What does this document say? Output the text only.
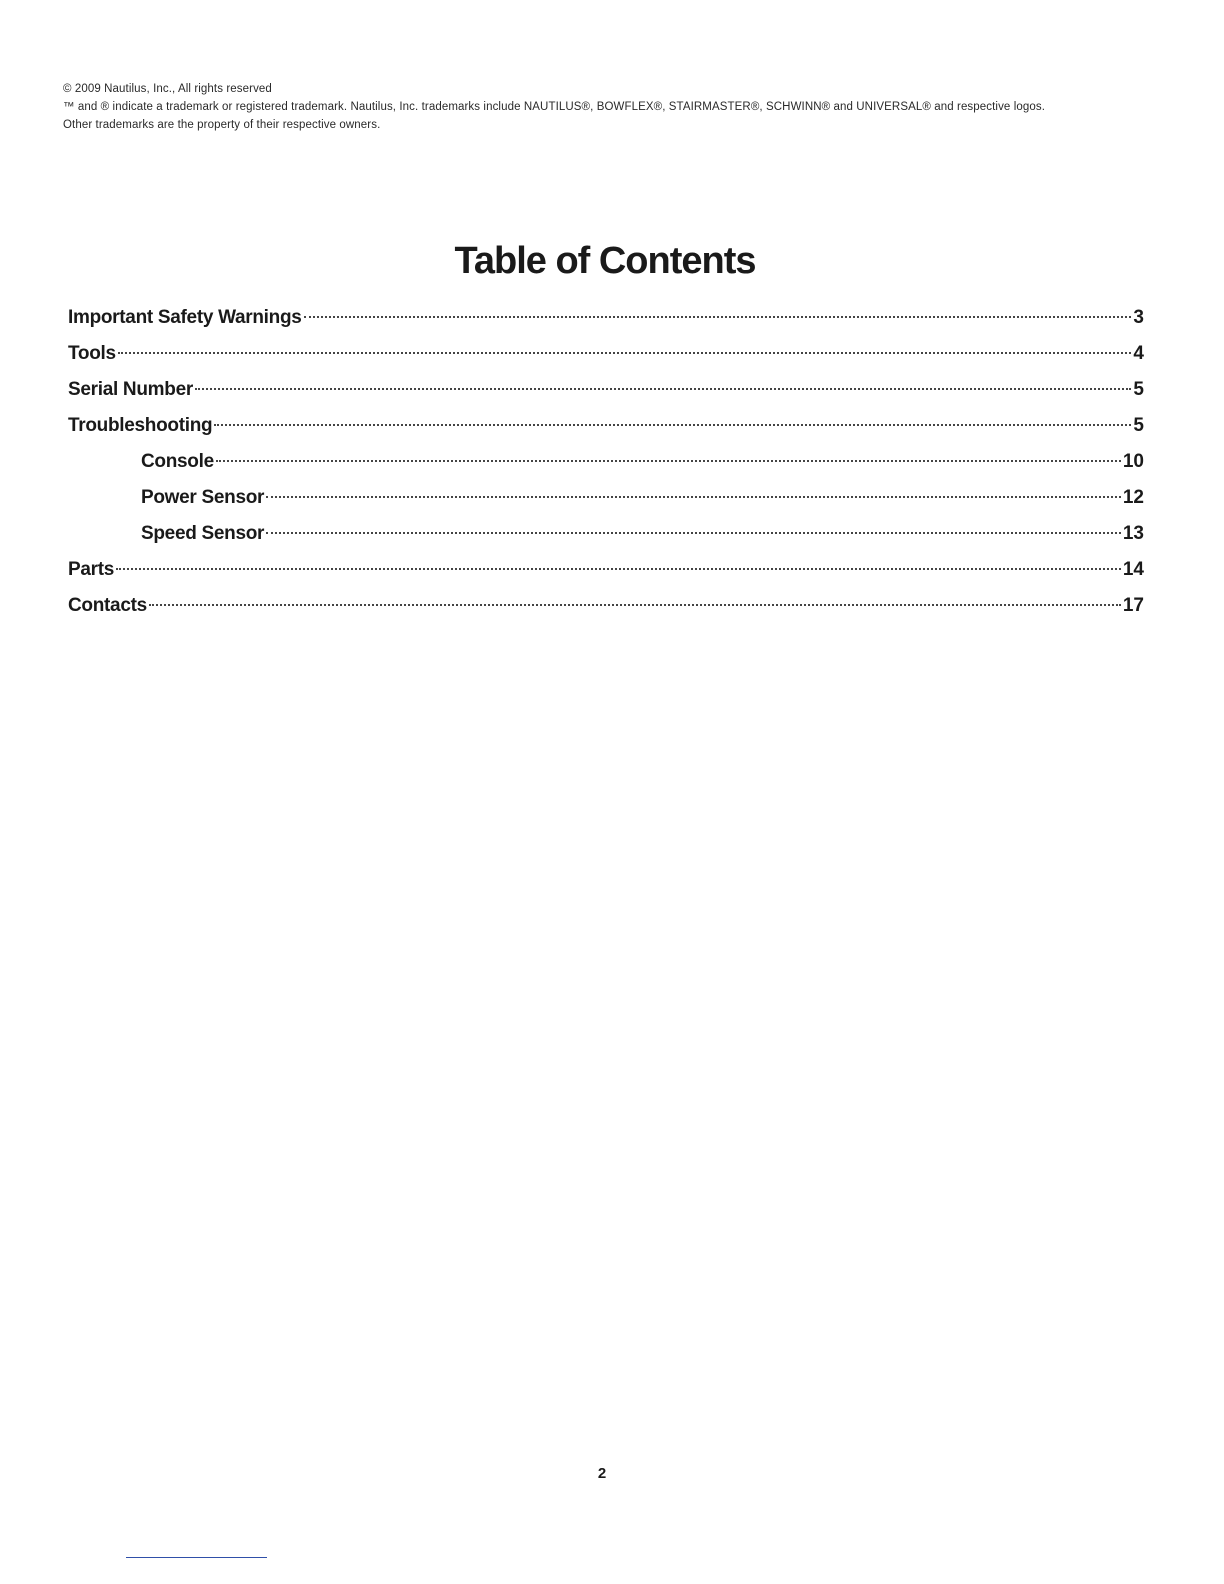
© 2009 Nautilus, Inc., All rights reserved

™ and ® indicate a trademark or registered trademark. Nautilus, Inc. trademarks include NAUTILUS®, BOWFLEX®, STAIRMASTER®, SCHWINN® and UNIVERSAL® and respective logos.

Other trademarks are the property of their respective owners.

Table of Contents
Important Safety Warnings	3
Tools	4
Serial Number	5
Troubleshooting	5
Console	10
Power Sensor	12
Speed Sensor	13
Parts	14
Contacts	17
2
